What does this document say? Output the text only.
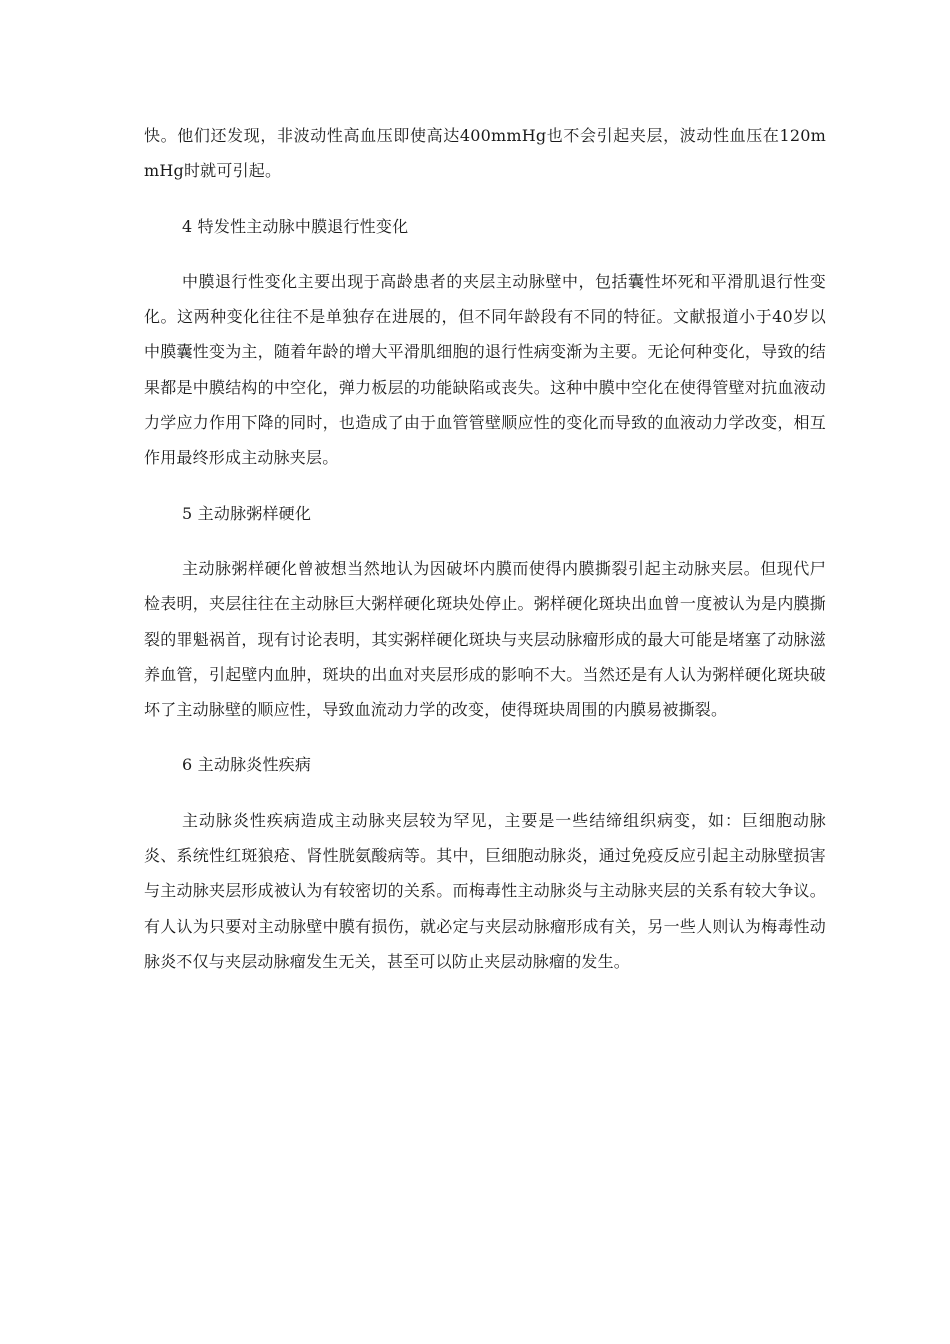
快。他们还发现，非波动性高血压即使高达400mmHg也不会引起夹层，波动性血压在120mmHg时就可引起。

4 特发性主动脉中膜退行性变化

中膜退行性变化主要出现于高龄患者的夹层主动脉壁中，包括囊性坏死和平滑肌退行性变化。这两种变化往往不是单独存在进展的，但不同年龄段有不同的特征。文献报道小于40岁以中膜囊性变为主，随着年龄的增大平滑肌细胞的退行性病变渐为主要。无论何种变化，导致的结果都是中膜结构的中空化，弹力板层的功能缺陷或丧失。这种中膜中空化在使得管壁对抗血液动力学应力作用下降的同时，也造成了由于血管管壁顺应性的变化而导致的血液动力学改变，相互作用最终形成主动脉夹层。

5 主动脉粥样硬化

主动脉粥样硬化曾被想当然地认为因破坏内膜而使得内膜撕裂引起主动脉夹层。但现代尸检表明，夹层往往在主动脉巨大粥样硬化斑块处停止。粥样硬化斑块出血曾一度被认为是内膜撕裂的罪魁祸首，现有讨论表明，其实粥样硬化斑块与夹层动脉瘤形成的最大可能是堵塞了动脉滋养血管，引起壁内血肿，斑块的出血对夹层形成的影响不大。当然还是有人认为粥样硬化斑块破坏了主动脉壁的顺应性，导致血流动力学的改变，使得斑块周围的内膜易被撕裂。

6 主动脉炎性疾病

主动脉炎性疾病造成主动脉夹层较为罕见，主要是一些结缔组织病变，如：巨细胞动脉炎、系统性红斑狼疮、肾性胱氨酸病等。其中，巨细胞动脉炎，通过免疫反应引起主动脉壁损害与主动脉夹层形成被认为有较密切的关系。而梅毒性主动脉炎与主动脉夹层的关系有较大争议。有人认为只要对主动脉壁中膜有损伤，就必定与夹层动脉瘤形成有关，另一些人则认为梅毒性动脉炎不仅与夹层动脉瘤发生无关，甚至可以防止夹层动脉瘤的发生。
